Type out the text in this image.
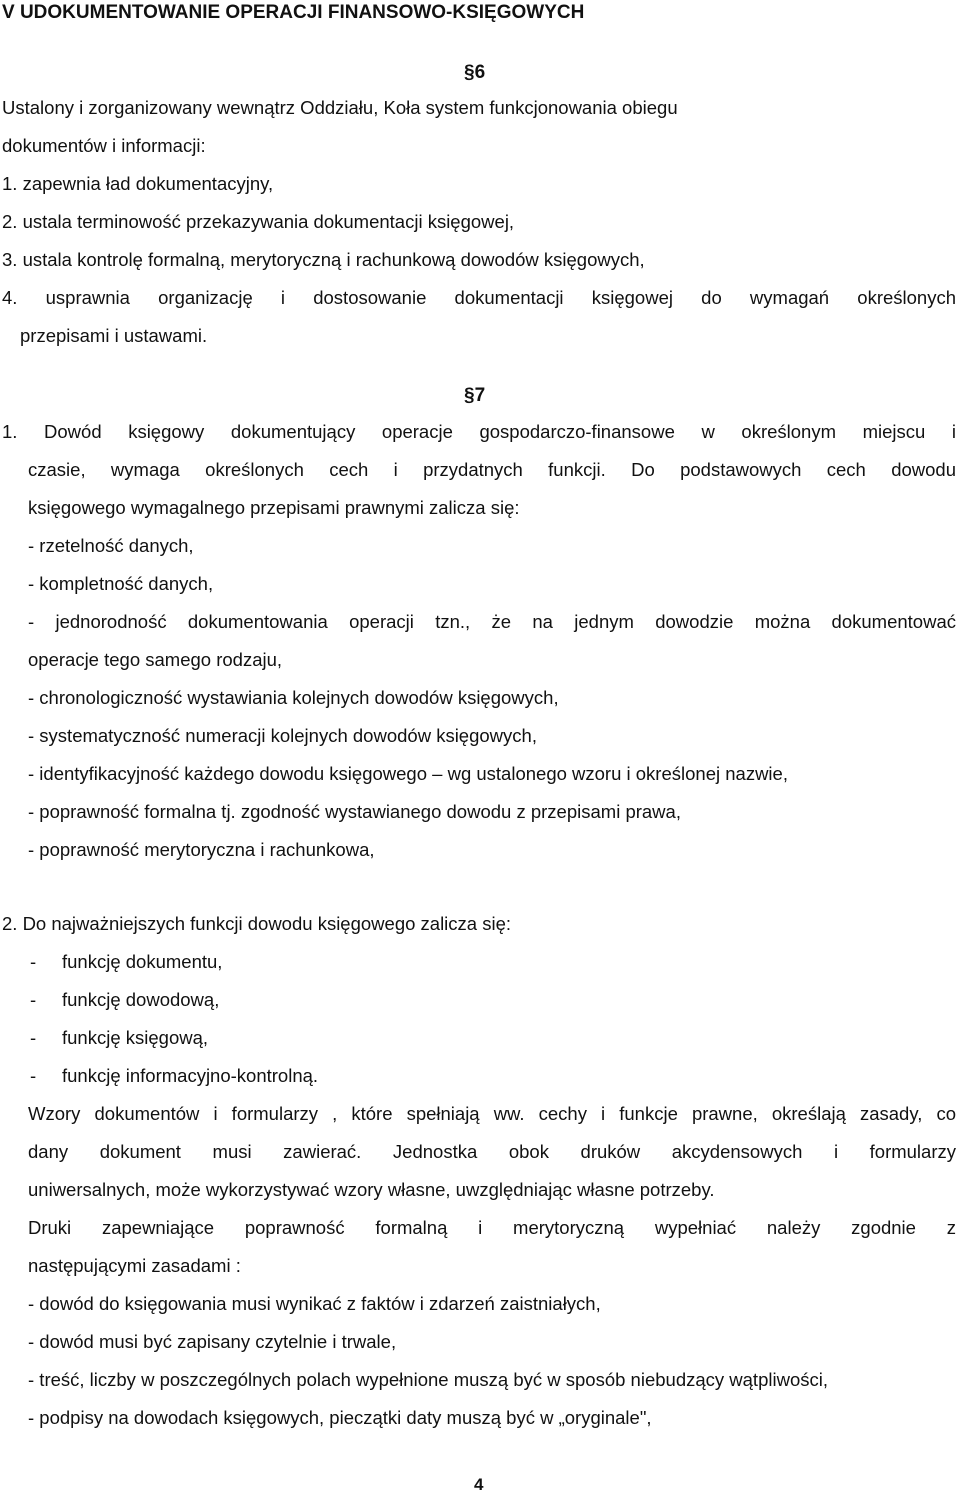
V UDOKUMENTOWANIE OPERACJI FINANSOWO-KSIĘGOWYCH
§6
Ustalony i zorganizowany wewnątrz Oddziału, Koła system funkcjonowania obiegu
dokumentów i informacji:
1. zapewnia ład dokumentacyjny,
2. ustala terminowość przekazywania dokumentacji księgowej,
3. ustala kontrolę formalną, merytoryczną i rachunkową dowodów księgowych,
4. usprawnia organizację i dostosowanie dokumentacji księgowej do wymagań określonych
przepisami i ustawami.
§7
1. Dowód księgowy dokumentujący operacje gospodarczo-finansowe w określonym miejscu i
czasie, wymaga określonych cech i przydatnych funkcji. Do podstawowych cech dowodu
księgowego wymagalnego przepisami prawnymi zalicza się:
- rzetelność danych,
- kompletność danych,
- jednorodność dokumentowania operacji tzn., że na jednym dowodzie można dokumentować
operacje tego samego rodzaju,
- chronologiczność wystawiania kolejnych dowodów księgowych,
- systematyczność numeracji kolejnych dowodów księgowych,
- identyfikacyjność każdego dowodu księgowego – wg ustalonego wzoru i określonej nazwie,
- poprawność formalna tj. zgodność wystawianego dowodu z przepisami prawa,
- poprawność merytoryczna i rachunkowa,
2. Do najważniejszych funkcji dowodu księgowego zalicza się:
- funkcję dokumentu,
- funkcję dowodową,
- funkcję księgową,
- funkcję informacyjno-kontrolną.
Wzory dokumentów i formularzy , które spełniają ww. cechy i funkcje prawne, określają zasady, co
dany dokument musi zawierać. Jednostka obok druków akcydensowych i formularzy
uniwersalnych, może wykorzystywać wzory własne, uwzględniając własne potrzeby.
Druki zapewniające poprawność formalną i merytoryczną wypełniać należy zgodnie z
następującymi zasadami :
- dowód do księgowania musi wynikać z faktów i zdarzeń zaistniałych,
- dowód musi być zapisany czytelnie i trwale,
- treść, liczby w poszczególnych polach wypełnione muszą być w sposób niebudzący wątpliwości,
- podpisy na dowodach księgowych, pieczątki daty muszą być w „oryginale",
4
